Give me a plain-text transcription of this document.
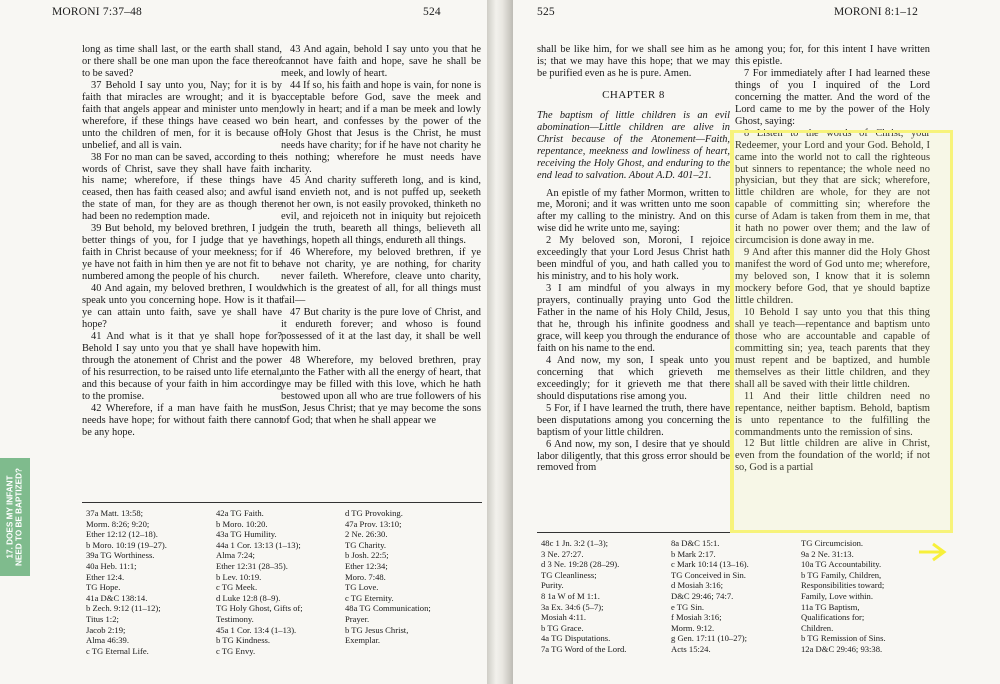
MORONI 7:37–48	524

long as time shall last, or the earth shall stand, or there shall be one man upon the face thereof to be saved?

37 Behold I say unto you, Nay; for it is by faith that miracles are wrought; and it is by faith that angels appear and minister unto men; wherefore, if these things have ceased wo be unto the children of men, for it is because of unbelief, and all is vain.

38 For no man can be saved, according to the words of Christ, save they shall have faith in his name; wherefore, if these things have ceased, then has faith ceased also; and awful is the state of man, for they are as though there had been no redemption made.

39 But behold, my beloved brethren, I judge better things of you, for I judge that ye have faith in Christ because of your meekness; for if ye have not faith in him then ye are not fit to be numbered among the people of his church.

40 And again, my beloved brethren, I would speak unto you concerning hope. How is it that ye can attain unto faith, save ye shall have hope?

41 And what is it that ye shall hope for? Behold I say unto you that ye shall have hope through the atonement of Christ and the power of his resurrection, to be raised unto life eternal, and this because of your faith in him according to the promise.

42 Wherefore, if a man have faith he must needs have hope; for without faith there cannot be any hope.

43 And again, behold I say unto you that he cannot have faith and hope, save he shall be meek, and lowly of heart.

44 If so, his faith and hope is vain, for none is acceptable before God, save the meek and lowly in heart; and if a man be meek and lowly in heart, and confesses by the power of the Holy Ghost that Jesus is the Christ, he must needs have charity; for if he have not charity he is nothing; wherefore he must needs have charity.

45 And charity suffereth long, and is kind, and envieth not, and is not puffed up, seeketh not her own, is not easily provoked, thinketh no evil, and rejoiceth not in iniquity but rejoiceth in the truth, beareth all things, believeth all things, hopeth all things, endureth all things.

46 Wherefore, my beloved brethren, if ye have not charity, ye are nothing, for charity never faileth. Wherefore, cleave unto charity, which is the greatest of all, for all things must fail—

47 But charity is the pure love of Christ, and it endureth forever; and whoso is found possessed of it at the last day, it shall be well with him.

48 Wherefore, my beloved brethren, pray unto the Father with all the energy of heart, that ye may be filled with this love, which he hath bestowed upon all who are true followers of his Son, Jesus Christ; that ye may become the sons of God; that when he shall appear we

37a Matt. 13:58;
Morm. 8:26; 9:20;
Ether 12:12 (12–18).
b Moro. 10:19 (19–27).
39a TG Worthiness.
40a Heb. 11:1;
Ether 12:4.
TG Hope.
41a D&C 138:14.
b Zech. 9:12 (11–12);
Titus 1:2;
Jacob 2:19;
Alma 46:39.
c TG Eternal Life.
42a TG Faith.
b Moro. 10:20.
43a TG Humility.
44a 1 Cor. 13:13 (1–13);
Alma 7:24;
Ether 12:31 (28–35).
b Lev. 10:19.
c TG Meek.
d Luke 12:8 (8–9).
TG Holy Ghost, Gifts of;
Testimony.
45a 1 Cor. 13:4 (1–13).
b TG Kindness.
c TG Envy.
d TG Provoking.
47a Prov. 13:10;
2 Ne. 26:30.
TG Charity.
b Josh. 22:5;
Ether 12:34;
Moro. 7:48.
TG Love.
c TG Eternity.
48a TG Communication;
Prayer.
b TG Jesus Christ,
Exemplar.
525	MORONI 8:1–12

shall be like him, for we shall see him as he is; that we may have this hope; that we may be purified even as he is pure. Amen.

CHAPTER 8
The baptism of little children is an evil abomination—Little children are alive in Christ because of the Atonement—Faith, repentance, meekness and lowliness of heart, receiving the Holy Ghost, and enduring to the end lead to salvation. About A.D. 401–21.

An epistle of my father Mormon, written to me, Moroni; and it was written unto me soon after my calling to the ministry. And on this wise did he write unto me, saying:

2 My beloved son, Moroni, I rejoice exceedingly that your Lord Jesus Christ hath been mindful of you, and hath called you to his ministry, and to his holy work.

3 I am mindful of you always in my prayers, continually praying unto God the Father in the name of his Holy Child, Jesus, that he, through his infinite goodness and grace, will keep you through the endurance of faith on his name to the end.

4 And now, my son, I speak unto you concerning that which grieveth me exceedingly; for it grieveth me that there should disputations rise among you.

5 For, if I have learned the truth, there have been disputations among you concerning the baptism of your little children.

6 And now, my son, I desire that ye should labor diligently, that this gross error should be removed from

among you; for, for this intent I have written this epistle.

7 For immediately after I had learned these things of you I inquired of the Lord concerning the matter. And the word of the Lord came to me by the power of the Holy Ghost, saying:

8 Listen to the words of Christ, your Redeemer, your Lord and your God. Behold, I came into the world not to call the righteous but sinners to repentance; the whole need no physician, but they that are sick; wherefore, little children are whole, for they are not capable of committing sin; wherefore the curse of Adam is taken from them in me, that it hath no power over them; and the law of circumcision is done away in me.

9 And after this manner did the Holy Ghost manifest the word of God unto me; wherefore, my beloved son, I know that it is solemn mockery before God, that ye should baptize little children.

10 Behold I say unto you that this thing shall ye teach—repentance and baptism unto those who are accountable and capable of committing sin; yea, teach parents that they must repent and be baptized, and humble themselves as their little children, and they shall all be saved with their little children.

11 And their little children need no repentance, neither baptism. Behold, baptism is unto repentance to the fulfilling the commandments unto the remission of sins.

12 But little children are alive in Christ, even from the foundation of the world; if not so, God is a partial

48c 1 Jn. 3:2 (1–3);
3 Ne. 27:27.
d 3 Ne. 19:28 (28–29).
TG Cleanliness;
Purity.
8 1a W of M 1:1.
3a Ex. 34:6 (5–7);
Mosiah 4:11.
b TG Grace.
4a TG Disputations.
7a TG Word of the Lord.
8a D&C 15:1.
b Mark 2:17.
c Mark 10:14 (13–16).
TG Conceived in Sin.
d Mosiah 3:16;
D&C 29:46; 74:7.
e TG Sin.
f Mosiah 3:16;
Morm. 9:12.
g Gen. 17:11 (10–27);
Acts 15:24.
TG Circumcision.
9a 2 Ne. 31:13.
10a TG Accountability.
b TG Family, Children,
Responsibilities toward;
Family, Love within.
11a TG Baptism,
Qualifications for;
Children.
b TG Remission of Sins.
12a D&C 29:46; 93:38.
17. DOES MY INFANT NEED TO BE BAPTIZED?
